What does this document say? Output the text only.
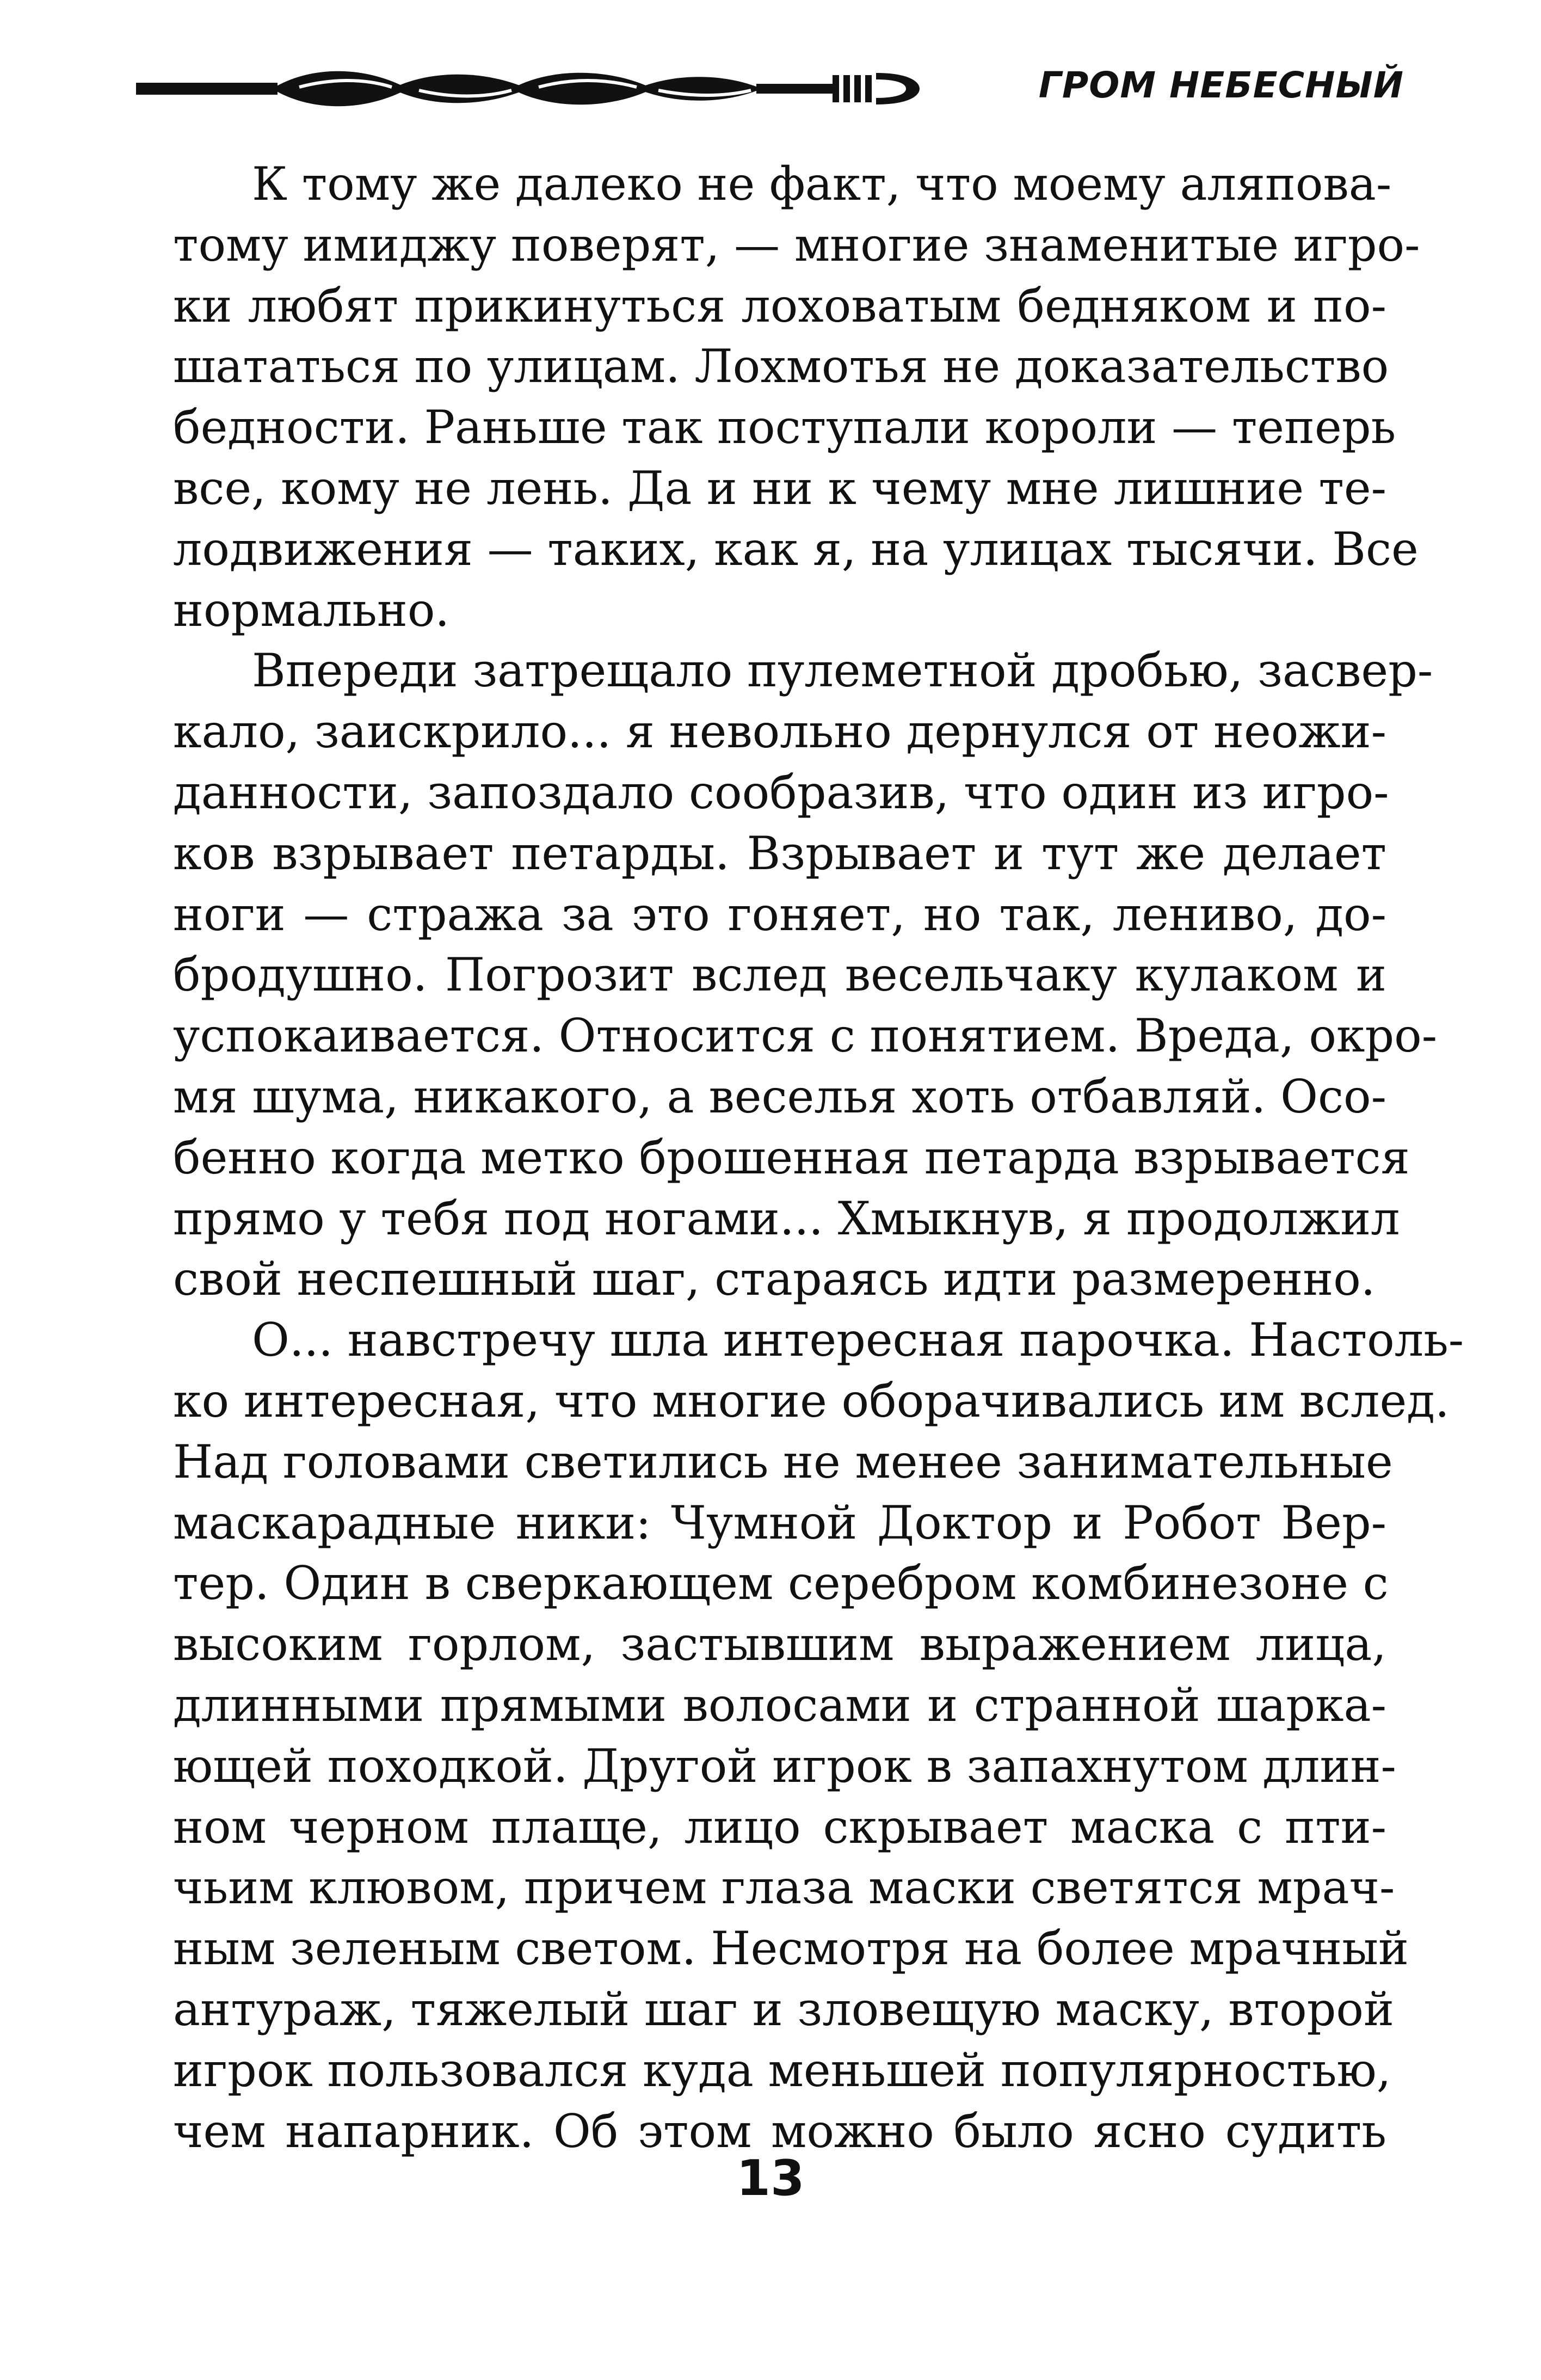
ГРОМ НЕБЕСНЫЙ
К тому же далеко не факт, что моему аляпова-
тому имиджу поверят, — многие знаменитые игро-
ки любят прикинуться лоховатым бедняком и по-
шататься по улицам. Лохмотья не доказательство
бедности. Раньше так поступали короли — теперь
все, кому не лень. Да и ни к чему мне лишние те-
лодвижения — таких, как я, на улицах тысячи. Все
нормально.
Впереди затрещало пулеметной дробью, засвер-
кало, заискрило... я невольно дернулся от неожи-
данности, запоздало сообразив, что один из игро-
ков взрывает петарды. Взрывает и тут же делает
ноги — стража за это гоняет, но так, лениво, до-
бродушно. Погрозит вслед весельчаку кулаком и
успокаивается. Относится с понятием. Вреда, окро-
мя шума, никакого, а веселья хоть отбавляй. Осо-
бенно когда метко брошенная петарда взрывается
прямо у тебя под ногами... Хмыкнув, я продолжил
свой неспешный шаг, стараясь идти размеренно.
О... навстречу шла интересная парочка. Настоль-
ко интересная, что многие оборачивались им вслед.
Над головами светились не менее занимательные
маскарадные ники: Чумной Доктор и Робот Вер-
тер. Один в сверкающем серебром комбинезоне с
высоким горлом, застывшим выражением лица,
длинными прямыми волосами и странной шарка-
ющей походкой. Другой игрок в запахнутом длин-
ном черном плаще, лицо скрывает маска с пти-
чьим клювом, причем глаза маски светятся мрач-
ным зеленым светом. Несмотря на более мрачный
антураж, тяжелый шаг и зловещую маску, второй
игрок пользовался куда меньшей популярностью,
чем напарник. Об этом можно было ясно судить
13
